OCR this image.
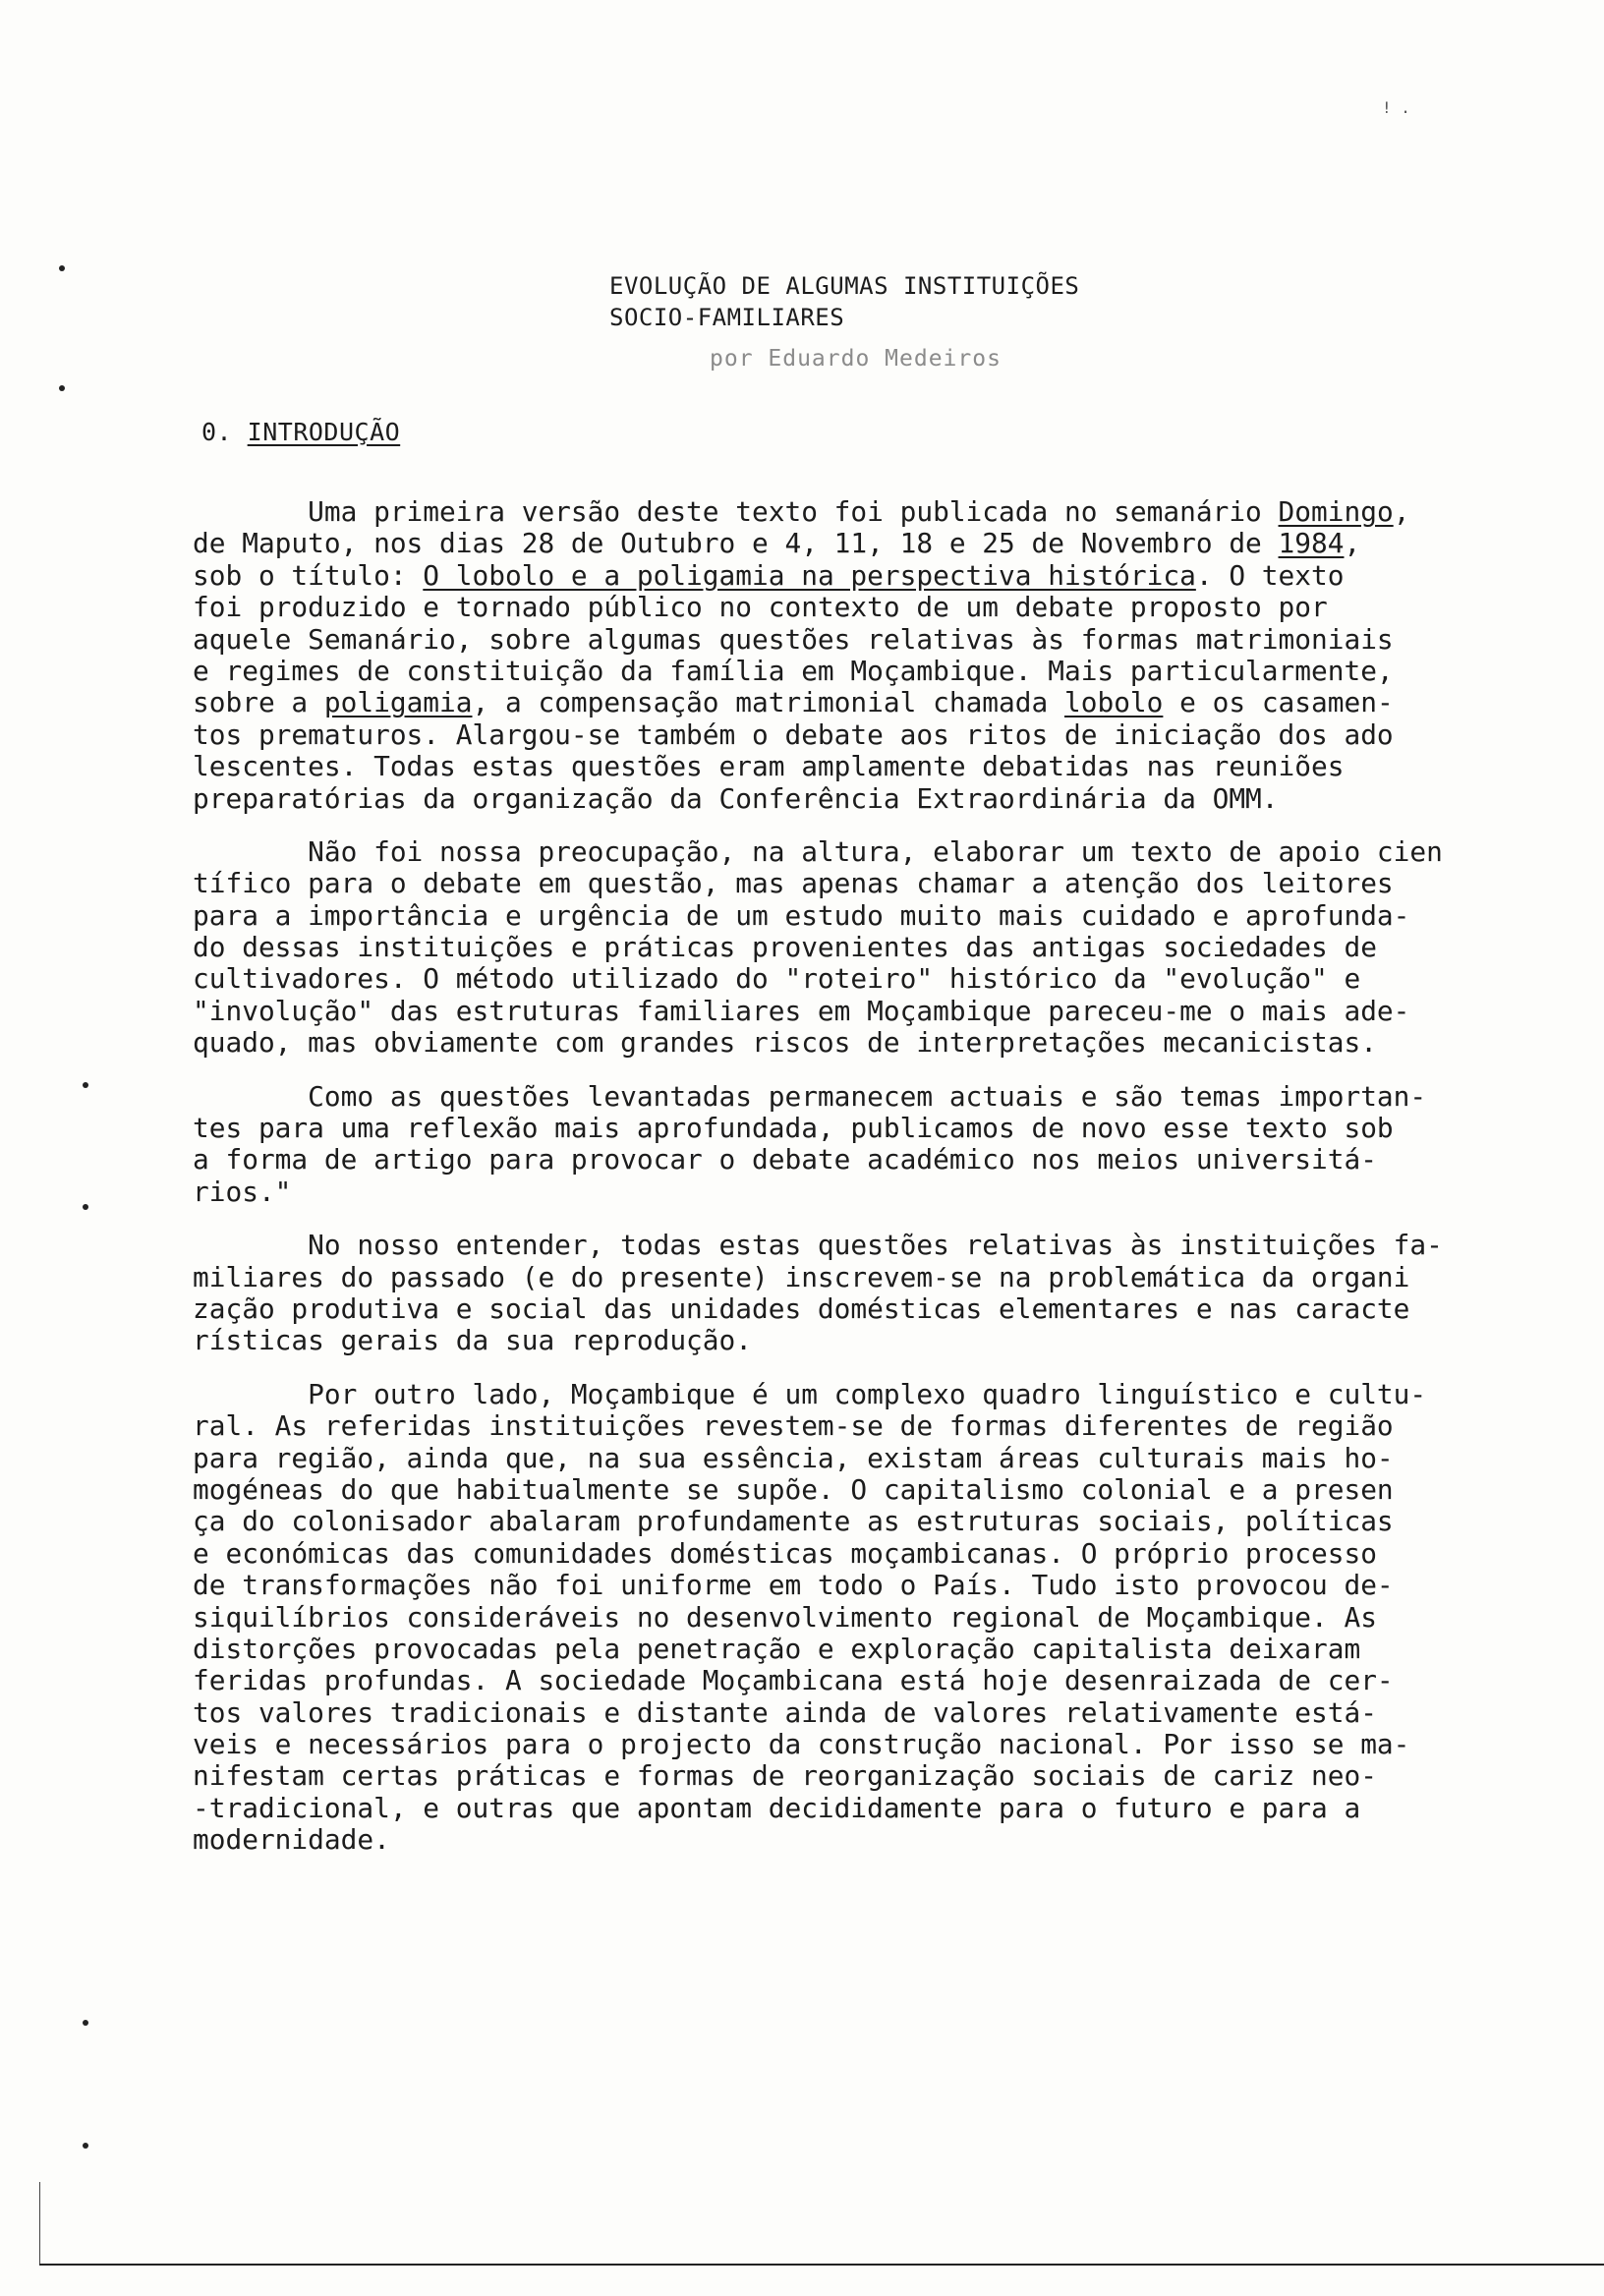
! .
EVOLUÇÃO DE ALGUMAS INSTITUIÇÕES
SOCIO-FAMILIARES
por Eduardo Medeiros
0. INTRODUÇÃO
Uma primeira versão deste texto foi publicada no semanário Domingo,
de Maputo, nos dias 28 de Outubro e 4, 11, 18 e 25 de Novembro de 1984,
sob o título: O lobolo e a poligamia na perspectiva histórica. O texto
foi produzido e tornado público no contexto de um debate proposto por
aquele Semanário, sobre algumas questões relativas às formas matrimoniais
e regimes de constituição da família em Moçambique. Mais particularmente,
sobre a poligamia, a compensação matrimonial chamada lobolo e os casamen-
tos prematuros. Alargou-se também o debate aos ritos de iniciação dos ado
lescentes. Todas estas questões eram amplamente debatidas nas reuniões
preparatórias da organização da Conferência Extraordinária da OMM.
Não foi nossa preocupação, na altura, elaborar um texto de apoio cien
tífico para o debate em questão, mas apenas chamar a atenção dos leitores
para a importância e urgência de um estudo muito mais cuidado e aprofunda-
do dessas instituições e práticas provenientes das antigas sociedades de
cultivadores. O método utilizado do "roteiro" histórico da "evolução" e
"involução" das estruturas familiares em Moçambique pareceu-me o mais ade-
quado, mas obviamente com grandes riscos de interpretações mecanicistas.
Como as questões levantadas permanecem actuais e são temas importan-
tes para uma reflexão mais aprofundada, publicamos de novo esse texto sob
a forma de artigo para provocar o debate académico nos meios universitá-
rios."
No nosso entender, todas estas questões relativas às instituições fa-
miliares do passado (e do presente) inscrevem-se na problemática da organi
zação produtiva e social das unidades domésticas elementares e nas caracte
rísticas gerais da sua reprodução.
Por outro lado, Moçambique é um complexo quadro linguístico e cultu-
ral. As referidas instituições revestem-se de formas diferentes de região
para região, ainda que, na sua essência, existam áreas culturais mais ho-
mogéneas do que habitualmente se supõe. O capitalismo colonial e a presen
ça do colonisador abalaram profundamente as estruturas sociais, políticas
e económicas das comunidades domésticas moçambicanas. O próprio processo
de transformações não foi uniforme em todo o País. Tudo isto provocou de-
siquilíbrios consideráveis no desenvolvimento regional de Moçambique. As
distorções provocadas pela penetração e exploração capitalista deixaram
feridas profundas. A sociedade Moçambicana está hoje desenraizada de cer-
tos valores tradicionais e distante ainda de valores relativamente está-
veis e necessários para o projecto da construção nacional. Por isso se ma-
nifestam certas práticas e formas de reorganização sociais de cariz neo-
-tradicional, e outras que apontam decididamente para o futuro e para a
modernidade.
